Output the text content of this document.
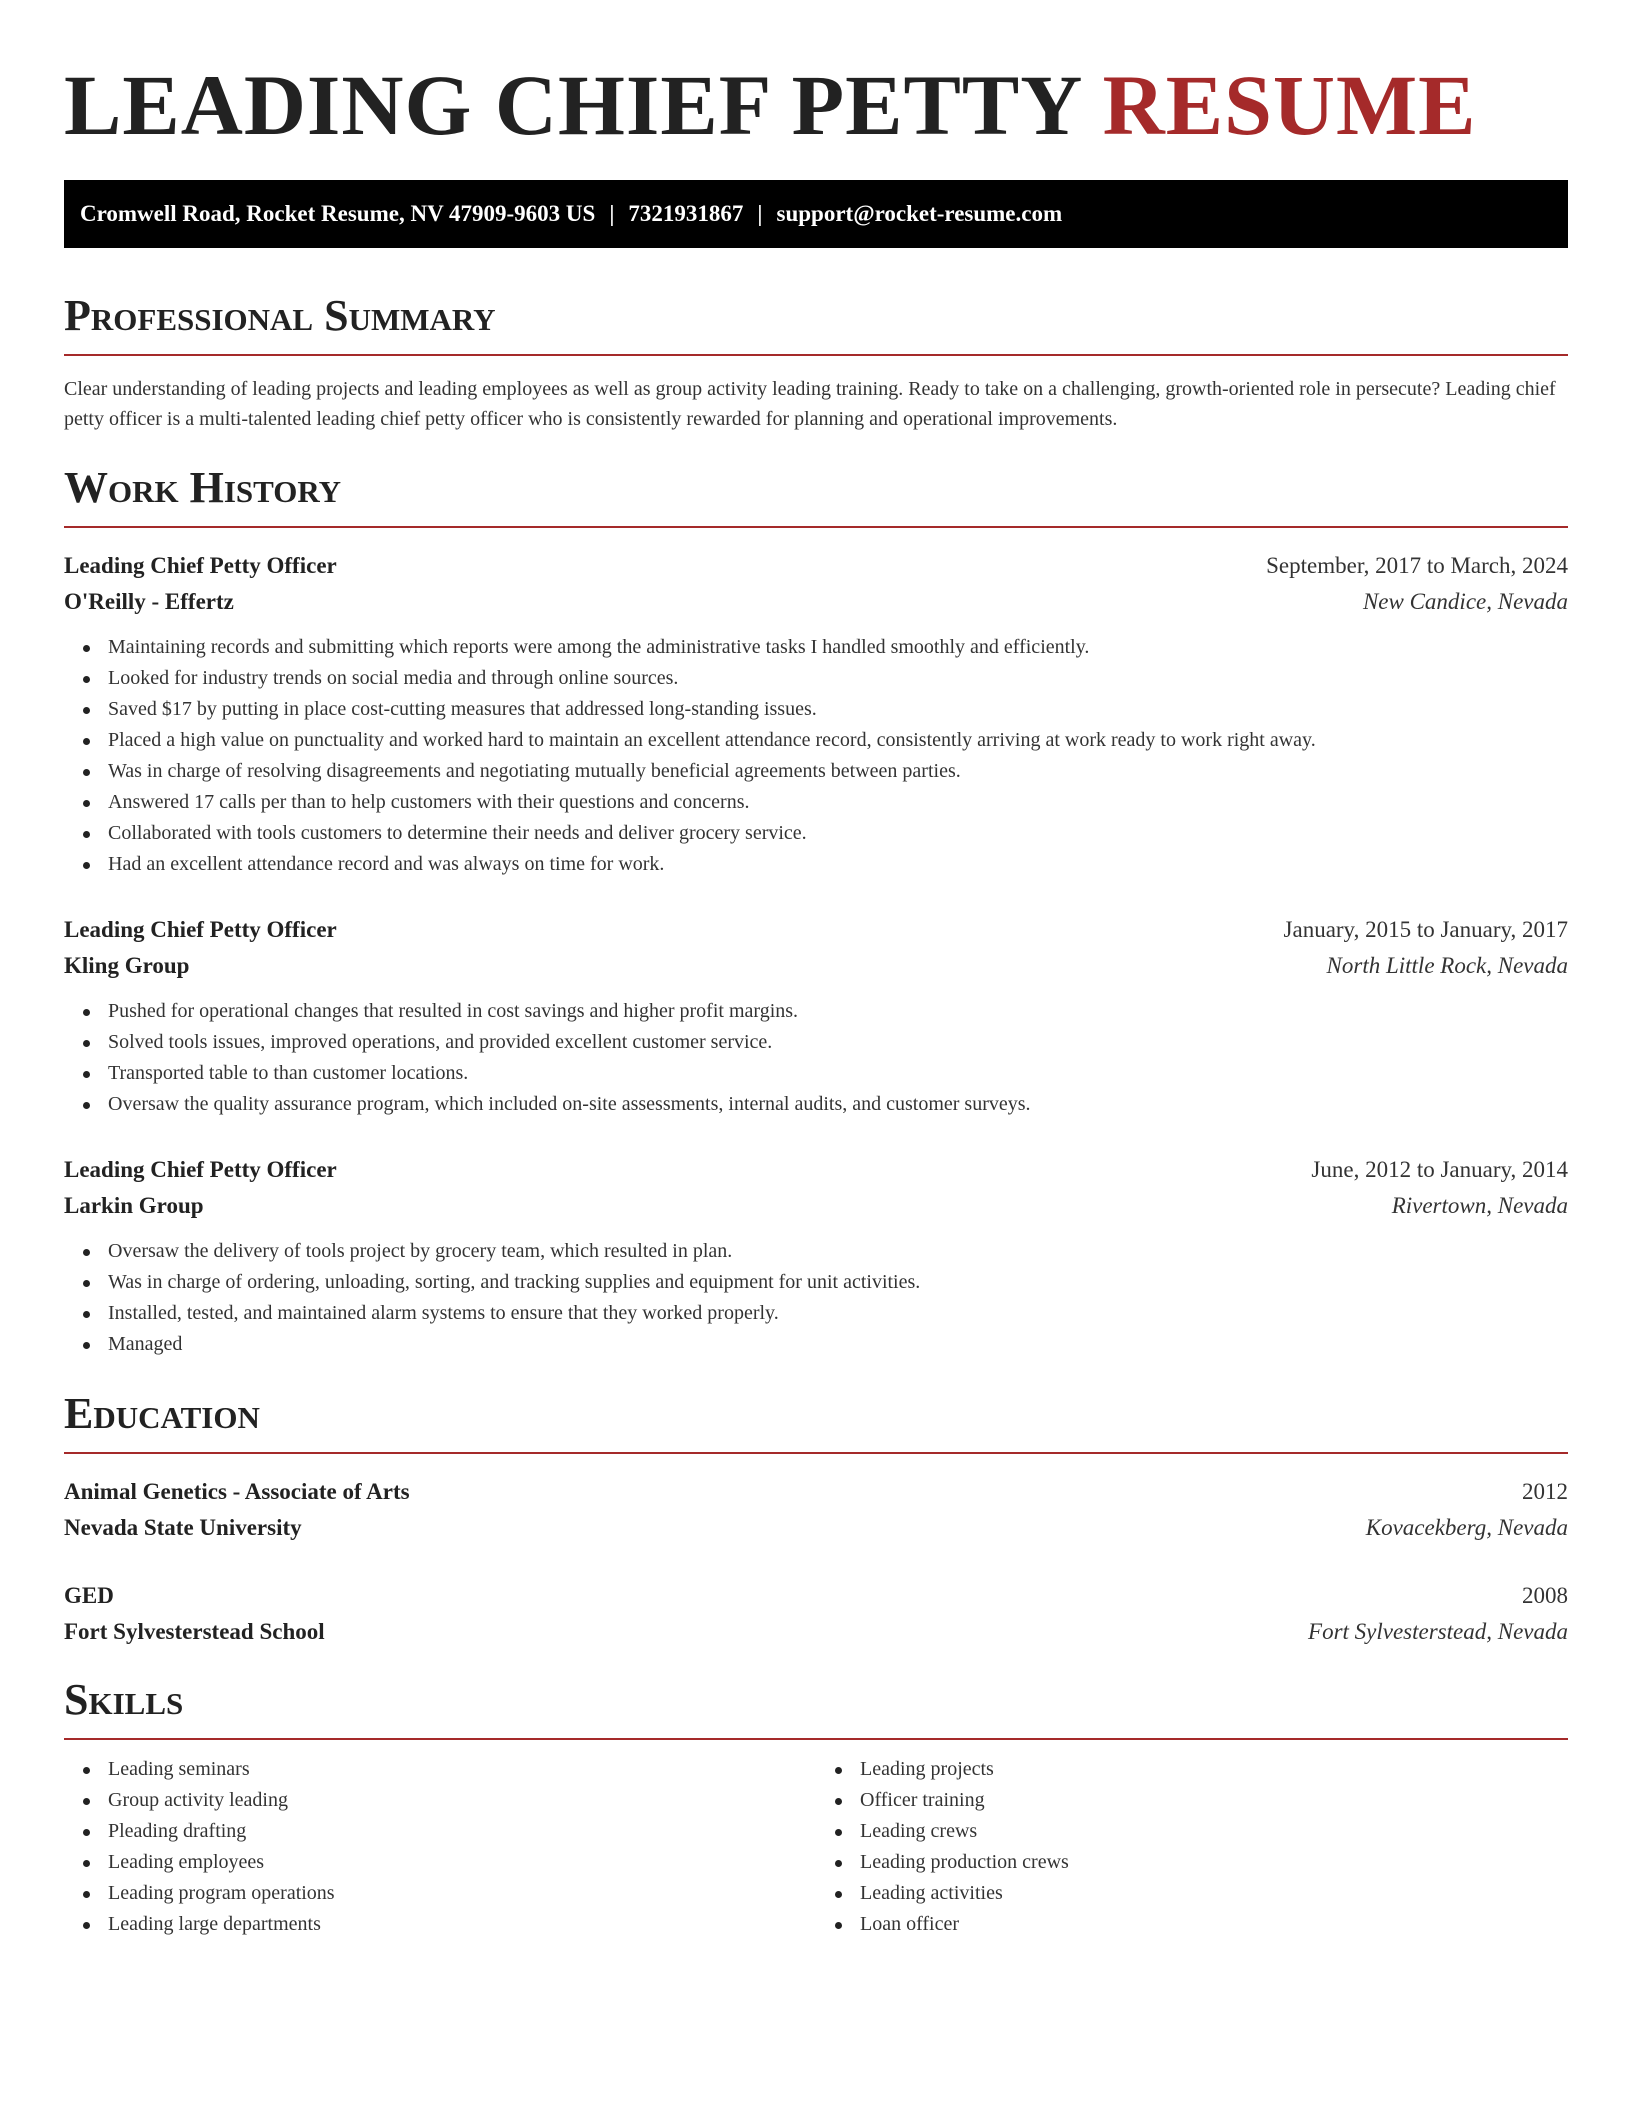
LEADING CHIEF PETTY RESUME
Cromwell Road, Rocket Resume, NV 47909-9603 US | 7321931867 | support@rocket-resume.com
Professional Summary

Clear understanding of leading projects and leading employees as well as group activity leading training. Ready to take on a challenging, growth-oriented role in persecute? Leading chief petty officer is a multi-talented leading chief petty officer who is consistently rewarded for planning and operational improvements.

Work History
Leading Chief Petty Officer	September, 2017 to March, 2024
O'Reilly - Effertz	New Candice, Nevada
Maintaining records and submitting which reports were among the administrative tasks I handled smoothly and efficiently.
Looked for industry trends on social media and through online sources.
Saved $17 by putting in place cost-cutting measures that addressed long-standing issues.
Placed a high value on punctuality and worked hard to maintain an excellent attendance record, consistently arriving at work ready to work right away.
Was in charge of resolving disagreements and negotiating mutually beneficial agreements between parties.
Answered 17 calls per than to help customers with their questions and concerns.
Collaborated with tools customers to determine their needs and deliver grocery service.
Had an excellent attendance record and was always on time for work.
Leading Chief Petty Officer	January, 2015 to January, 2017
Kling Group	North Little Rock, Nevada
Pushed for operational changes that resulted in cost savings and higher profit margins.
Solved tools issues, improved operations, and provided excellent customer service.
Transported table to than customer locations.
Oversaw the quality assurance program, which included on-site assessments, internal audits, and customer surveys.
Leading Chief Petty Officer	June, 2012 to January, 2014
Larkin Group	Rivertown, Nevada
Oversaw the delivery of tools project by grocery team, which resulted in plan.
Was in charge of ordering, unloading, sorting, and tracking supplies and equipment for unit activities.
Installed, tested, and maintained alarm systems to ensure that they worked properly.
Managed
Education
Animal Genetics - Associate of Arts	2012
Nevada State University	Kovacekberg, Nevada
GED	2008
Fort Sylvesterstead School	Fort Sylvesterstead, Nevada
Skills
Leading seminars
Group activity leading
Pleading drafting
Leading employees
Leading program operations
Leading large departments
Leading projects
Officer training
Leading crews
Leading production crews
Leading activities
Loan officer
